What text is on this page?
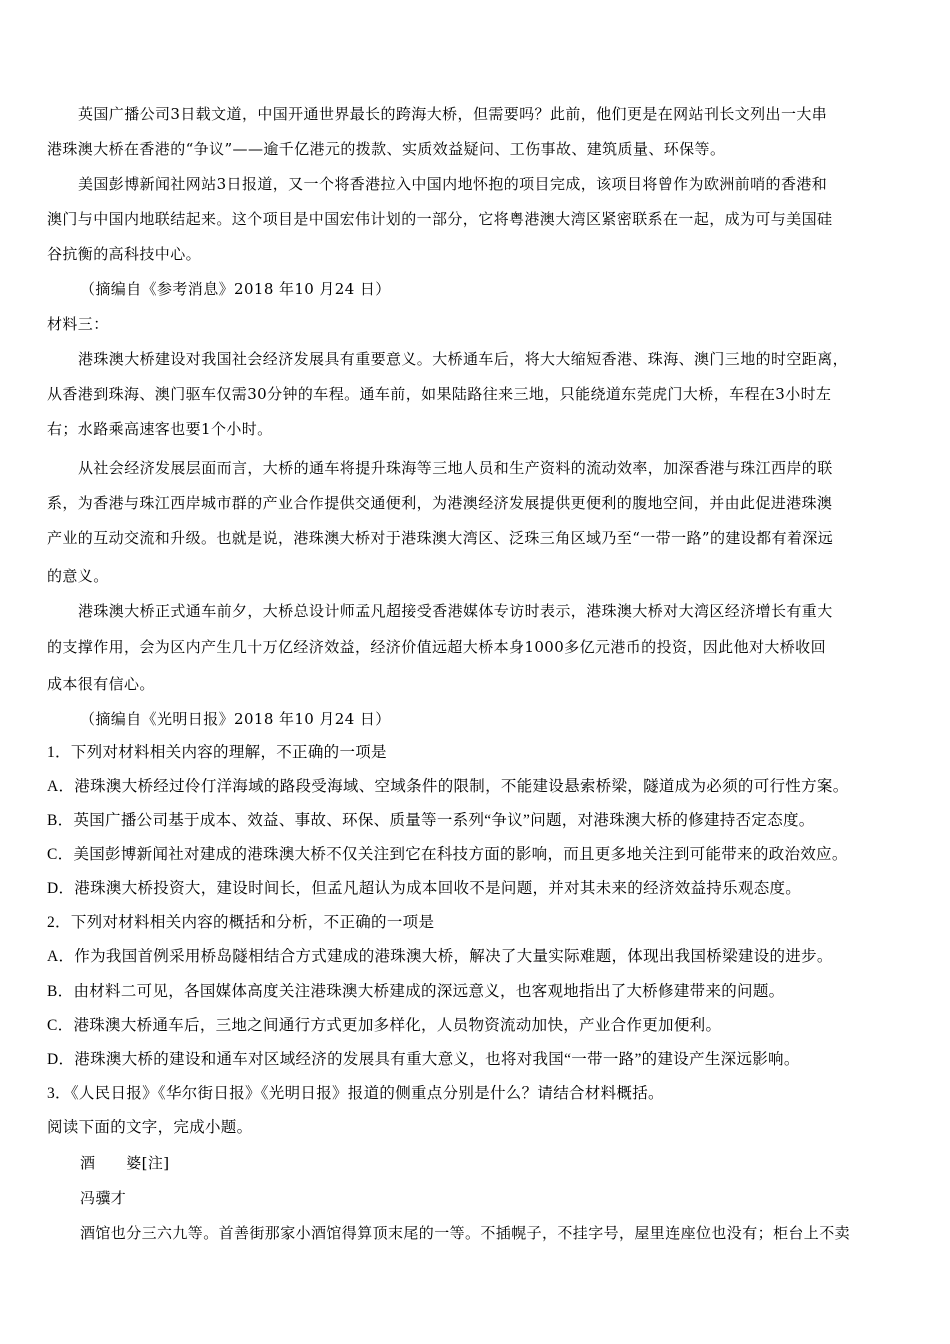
英国广播公司3日载文道，中国开通世界最长的跨海大桥，但需要吗？此前，他们更是在网站刊长文列出一大串
港珠澳大桥在香港的“争议”——逾千亿港元的拨款、实质效益疑问、工伤事故、建筑质量、环保等。
美国彭博新闻社网站3日报道，又一个将香港拉入中国内地怀抱的项目完成，该项目将曾作为欧洲前哨的香港和
澳门与中国内地联结起来。这个项目是中国宏伟计划的一部分，它将粤港澳大湾区紧密联系在一起，成为可与美国硅
谷抗衡的高科技中心。
（摘编自《参考消息》2018 年10 月24 日）
材料三：
港珠澳大桥建设对我国社会经济发展具有重要意义。大桥通车后，将大大缩短香港、珠海、澳门三地的时空距离，
从香港到珠海、澳门驱车仅需30分钟的车程。通车前，如果陆路往来三地，只能绕道东莞虎门大桥，车程在3小时左
右；水路乘高速客也要1个小时。
从社会经济发展层面而言，大桥的通车将提升珠海等三地人员和生产资料的流动效率，加深香港与珠江西岸的联
系，为香港与珠江西岸城市群的产业合作提供交通便利，为港澳经济发展提供更便利的腹地空间，并由此促进港珠澳
产业的互动交流和升级。也就是说，港珠澳大桥对于港珠澳大湾区、泛珠三角区域乃至“一带一路”的建设都有着深远
的意义。
港珠澳大桥正式通车前夕，大桥总设计师孟凡超接受香港媒体专访时表示，港珠澳大桥对大湾区经济增长有重大
的支撑作用，会为区内产生几十万亿经济效益，经济价值远超大桥本身1000多亿元港币的投资，因此他对大桥收回
成本很有信心。
（摘编自《光明日报》2018 年10 月24 日）
1．下列对材料相关内容的理解，不正确的一项是
A．港珠澳大桥经过伶仃洋海域的路段受海域、空域条件的限制，不能建设悬索桥梁，隧道成为必须的可行性方案。
B．英国广播公司基于成本、效益、事故、环保、质量等一系列“争议”问题，对港珠澳大桥的修建持否定态度。
C．美国彭博新闻社对建成的港珠澳大桥不仅关注到它在科技方面的影响，而且更多地关注到可能带来的政治效应。
D．港珠澳大桥投资大，建设时间长，但孟凡超认为成本回收不是问题，并对其未来的经济效益持乐观态度。
2．下列对材料相关内容的概括和分析，不正确的一项是
A．作为我国首例采用桥岛隧相结合方式建成的港珠澳大桥，解决了大量实际难题，体现出我国桥梁建设的进步。
B．由材料二可见，各国媒体高度关注港珠澳大桥建成的深远意义，也客观地指出了大桥修建带来的问题。
C．港珠澳大桥通车后，三地之间通行方式更加多样化，人员物资流动加快，产业合作更加便利。
D．港珠澳大桥的建设和通车对区域经济的发展具有重大意义，也将对我国“一带一路”的建设产生深远影响。
3．《人民日报》《华尔街日报》《光明日报》报道的侧重点分别是什么？请结合材料概括。
阅读下面的文字，完成小题。
酒　　婆[注]
冯骥才
酒馆也分三六九等。首善街那家小酒馆得算顶末尾的一等。不插幌子，不挂字号，屋里连座位也没有；柜台上不卖
